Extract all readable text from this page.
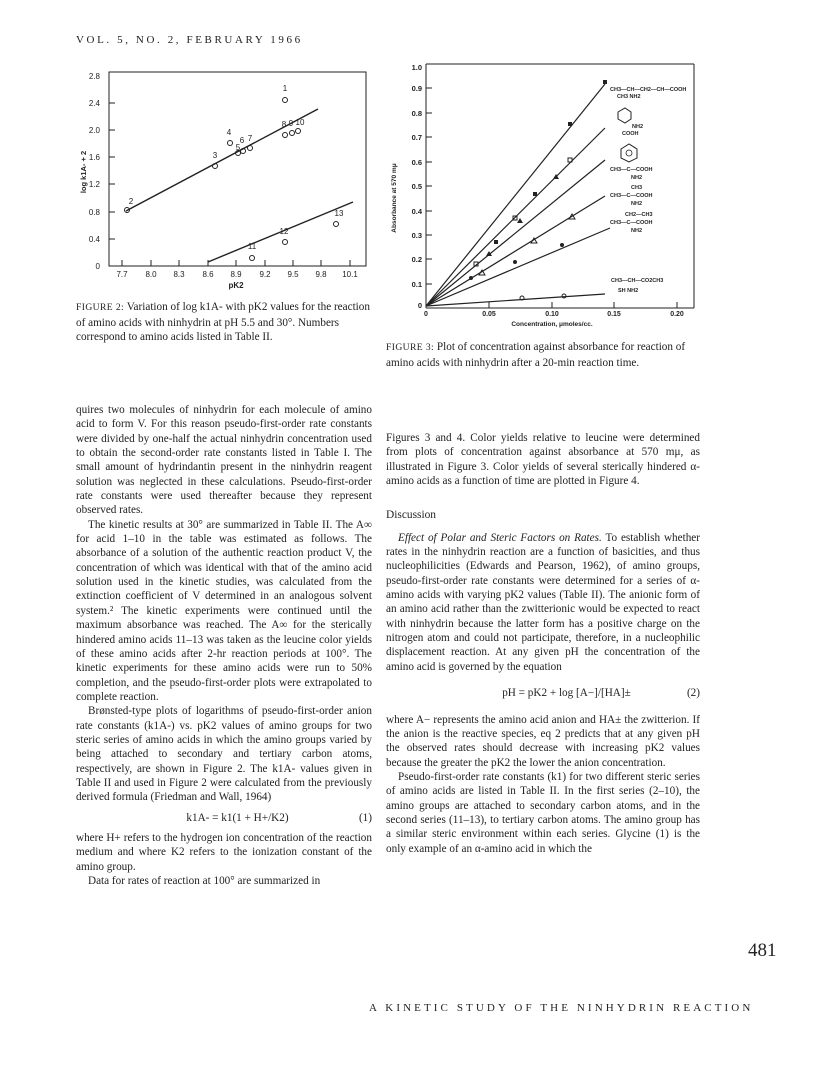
VOL. 5, NO. 2, FEBRUARY 1966
481
A KINETIC STUDY OF THE NINHYDRIN REACTION
0
0.4
0.8
1.2
1.6
2.0
2.4
2.8
7.7 8.0 8.3 8.6 8.9 9.2 9.5 9.8 10.1
pK2
log k1A- + 2
1
2
3
4
5
6 7
8 9 10
11
12
13
FIGURE 2: Variation of log k1A- with pK2 values for the reaction of amino acids with ninhydrin at pH 5.5 and 30°. Numbers correspond to amino acids listed in Table II.
0
0.1
0.2
0.3
0.4
0.5
0.6
0.7
0.8
0.9
1.0
0	0.05	0.10	0.15	0.20
Concentration, μmoles/cc.
Absorbance at 570 mμ
CH3—CH—CH2—CH—COOH
CH3 NH2
NH2
COOH
CH3—C—COOH
NH2
CH3
CH3—C—COOH
NH2
CH2—CH3
CH3—C—COOH
NH2
CH3—CH—CO2CH3
SH NH2
FIGURE 3: Plot of concentration against absorbance for reaction of amino acids with ninhydrin after a 20-min reaction time.

quires two molecules of ninhydrin for each molecule of amino acid to form V. For this reason pseudo-first-order rate constants were divided by one-half the actual ninhydrin concentration used to obtain the second-order rate constants listed in Table I. The small amount of hydrindantin present in the ninhydrin reagent solution was neglected in these calculations. Pseudo-first-order rate constants were used thereafter because they represent observed rates.

The kinetic results at 30° are summarized in Table II. The A∞ for acid 1–10 in the table was estimated as follows. The absorbance of a solution of the authentic reaction product V, the concentration of which was identical with that of the amino acid solution used in the kinetic studies, was calculated from the extinction coefficient of V determined in an analogous solvent system.² The kinetic experiments were continued until the maximum absorbance was reached. The A∞ for the sterically hindered amino acids 11–13 was taken as the leucine color yields of these amino acids after 2-hr reaction periods at 100°. The kinetic experiments for these amino acids were run to 50% completion, and the pseudo-first-order plots were extrapolated to complete reaction.

Brønsted-type plots of logarithms of pseudo-first-order anion rate constants (k1A-) vs. pK2 values of amino groups for two steric series of amino acids in which the amino groups varied by being attached to secondary and tertiary carbon atoms, respectively, are shown in Figure 2. The k1A- values given in Table II and used in Figure 2 were calculated from the previously derived formula (Friedman and Wall, 1964)

k1A- = k1(1 + H+/K2)	(1)

where H+ refers to the hydrogen ion concentration of the reaction medium and where K2 refers to the ionization constant of the amino group.

Data for rates of reaction at 100° are summarized in

Figures 3 and 4. Color yields relative to leucine were determined from plots of concentration against absorbance at 570 mμ, as illustrated in Figure 3. Color yields of several sterically hindered α-amino acids as a function of time are plotted in Figure 4.

Discussion

Effect of Polar and Steric Factors on Rates. To establish whether rates in the ninhydrin reaction are a function of basicities, and thus nucleophilicities (Edwards and Pearson, 1962), of amino groups, pseudo-first-order rate constants were determined for a series of α-amino acids with varying pK2 values (Table II). The anionic form of an amino acid rather than the zwitterionic would be expected to react with ninhydrin because the latter form has a positive charge on the nitrogen atom and could not participate, therefore, in a nucleophilic displacement reaction. At any given pH the concentration of the amino acid is governed by the equation

pH = pK2 + log [A−]/[HA]±	(2)

where A− represents the amino acid anion and HA± the zwitterion. If the anion is the reactive species, eq 2 predicts that at any given pH the observed rates should decrease with increasing pK2 values because the greater the pK2 the lower the anion concentration.

Pseudo-first-order rate constants (k1) for two different steric series of amino acids are listed in Table II. In the first series (2–10), the amino groups are attached to secondary carbon atoms, and in the second series (11–13), to tertiary carbon atoms. The amino group has a similar steric environment within each series. Glycine (1) is the only example of an α-amino acid in which the
